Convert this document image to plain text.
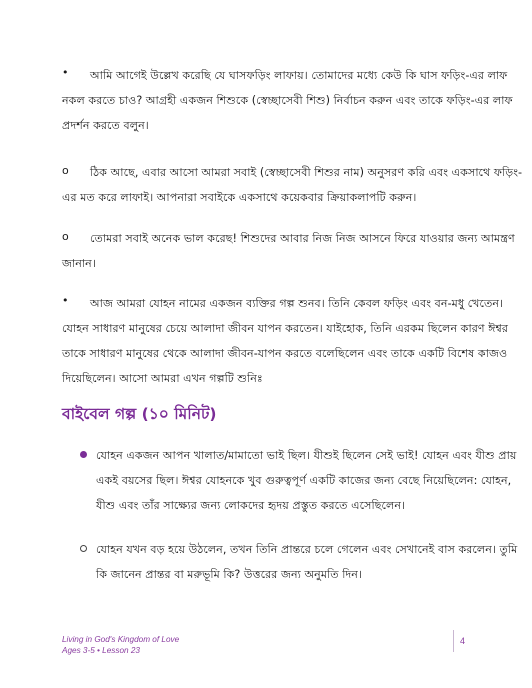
•	আমি আগেই উল্লেখ করেছি যে ঘাসফড়িং লাফায়। তোমাদের মধ্যে কেউ কি ঘাস ফড়িং-এর লাফ
নকল করতে চাও? আগ্রহী একজন শিশুকে (স্বেচ্ছাসেবী শিশু) নির্বাচন করুন এবং তাকে ফড়িং-এর লাফ
প্রদর্শন করতে বলুন।
o	ঠিক আছে, এবার আসো আমরা সবাই (স্বেচ্ছাসেবী শিশুর নাম) অনুসরণ করি এবং একসাথে ফড়িং-
এর মত করে লাফাই। আপনারা সবাইকে একসাথে কয়েকবার ক্রিয়াকলাপটি করুন।
o	তোমরা সবাই অনেক ভাল করেছ! শিশুদের আবার নিজ নিজ আসনে ফিরে যাওয়ার জন্য আমন্ত্রণ
জানান।
•	আজ আমরা যোহন নামের একজন ব্যক্তির গল্প শুনব। তিনি কেবল ফড়িং এবং বন-মধু খেতেন।
যোহন সাধারণ মানুষের চেয়ে আলাদা জীবন যাপন করতেন। যাইহোক, তিনি এরকম ছিলেন কারণ ঈশ্বর
তাকে সাধারণ মানুষের থেকে আলাদা জীবন-যাপন করতে বলেছিলেন এবং তাকে একটি বিশেষ কাজও
দিয়েছিলেন। আসো আমরা এখন গল্পটি শুনিঃ
বাইবেল গল্প (১০ মিনিট)
যোহন একজন আপন খালাত/মামাতো ভাই ছিল। যীশুই ছিলেন সেই ভাই! যোহন এবং যীশু প্রায়
একই বয়সের ছিল। ঈশ্বর যোহনকে খুব গুরুত্বপূর্ণ একটি কাজের জন্য বেছে নিয়েছিলেন: যোহন,
যীশু এবং তাঁর সাক্ষ্যের জন্য লোকদের হৃদয় প্রস্তুত করতে এসেছিলেন।
যোহন যখন বড় হয়ে উঠলেন, তখন তিনি প্রান্তরে চলে গেলেন এবং সেখানেই বাস করলেন। তুমি
কি জানেন প্রান্তর বা মরুভূমি কি? উত্তরের জন্য অনুমতি দিন।
Living in God's Kingdom of Love
Ages 3-5 • Lesson 23
4
